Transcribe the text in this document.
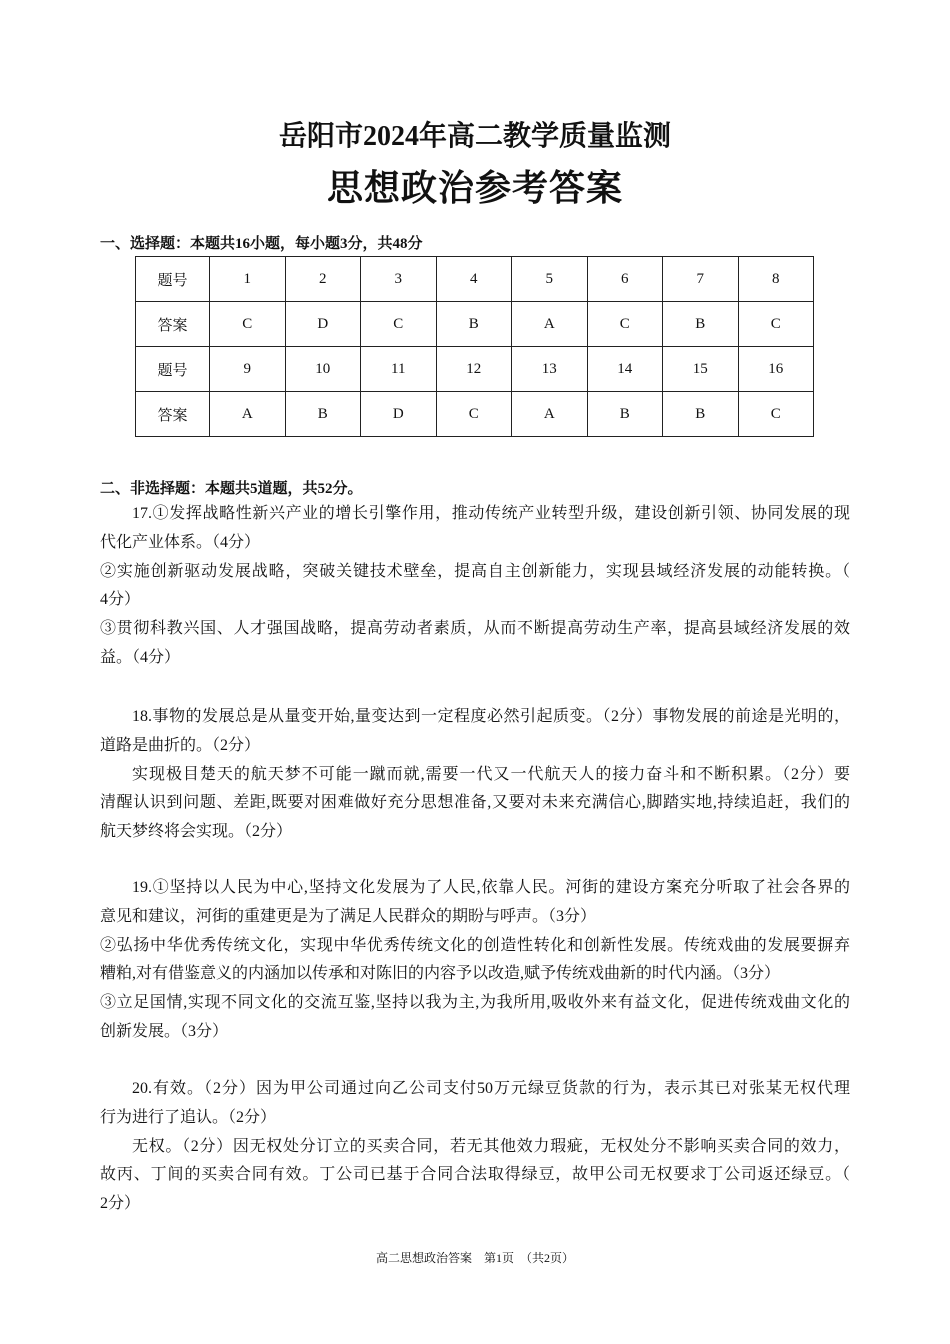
岳阳市2024年高二教学质量监测
思想政治参考答案
一、选择题：本题共16小题，每小题3分，共48分
题号	1	2	3	4	5	6	7	8
答案	C	D	C	B	A	C	B	C
题号	9	10	11	12	13	14	15	16
答案	A	B	D	C	A	B	B	C
二、非选择题：本题共5道题，共52分。
17.①发挥战略性新兴产业的增长引擎作用，推动传统产业转型升级，建设创新引领、协同发展的现
代化产业体系。（4分）
②实施创新驱动发展战略，突破关键技术壁垒，提高自主创新能力，实现县域经济发展的动能转换。（
4分）
③贯彻科教兴国、人才强国战略，提高劳动者素质，从而不断提高劳动生产率，提高县域经济发展的效
益。（4分）
18.事物的发展总是从量变开始,量变达到一定程度必然引起质变。（2分）事物发展的前途是光明的，
道路是曲折的。（2分）
实现极目楚天的航天梦不可能一蹴而就,需要一代又一代航天人的接力奋斗和不断积累。（2分）要
清醒认识到问题、差距,既要对困难做好充分思想准备,又要对未来充满信心,脚踏实地,持续追赶，我们的
航天梦终将会实现。（2分）
19.①坚持以人民为中心,坚持文化发展为了人民,依靠人民。河街的建设方案充分听取了社会各界的
意见和建议，河街的重建更是为了满足人民群众的期盼与呼声。（3分）
②弘扬中华优秀传统文化，实现中华优秀传统文化的创造性转化和创新性发展。传统戏曲的发展要摒弃
糟粕,对有借鉴意义的内涵加以传承和对陈旧的内容予以改造,赋予传统戏曲新的时代内涵。（3分）
③立足国情,实现不同文化的交流互鉴,坚持以我为主,为我所用,吸收外来有益文化，促进传统戏曲文化的
创新发展。（3分）
20.有效。（2分）因为甲公司通过向乙公司支付50万元绿豆货款的行为，表示其已对张某无权代理
行为进行了追认。（2分）
无权。（2分）因无权处分订立的买卖合同，若无其他效力瑕疵，无权处分不影响买卖合同的效力，
故丙、丁间的买卖合同有效。丁公司已基于合同合法取得绿豆，故甲公司无权要求丁公司返还绿豆。（
2分）
高二思想政治答案　第1页　（共2页）
